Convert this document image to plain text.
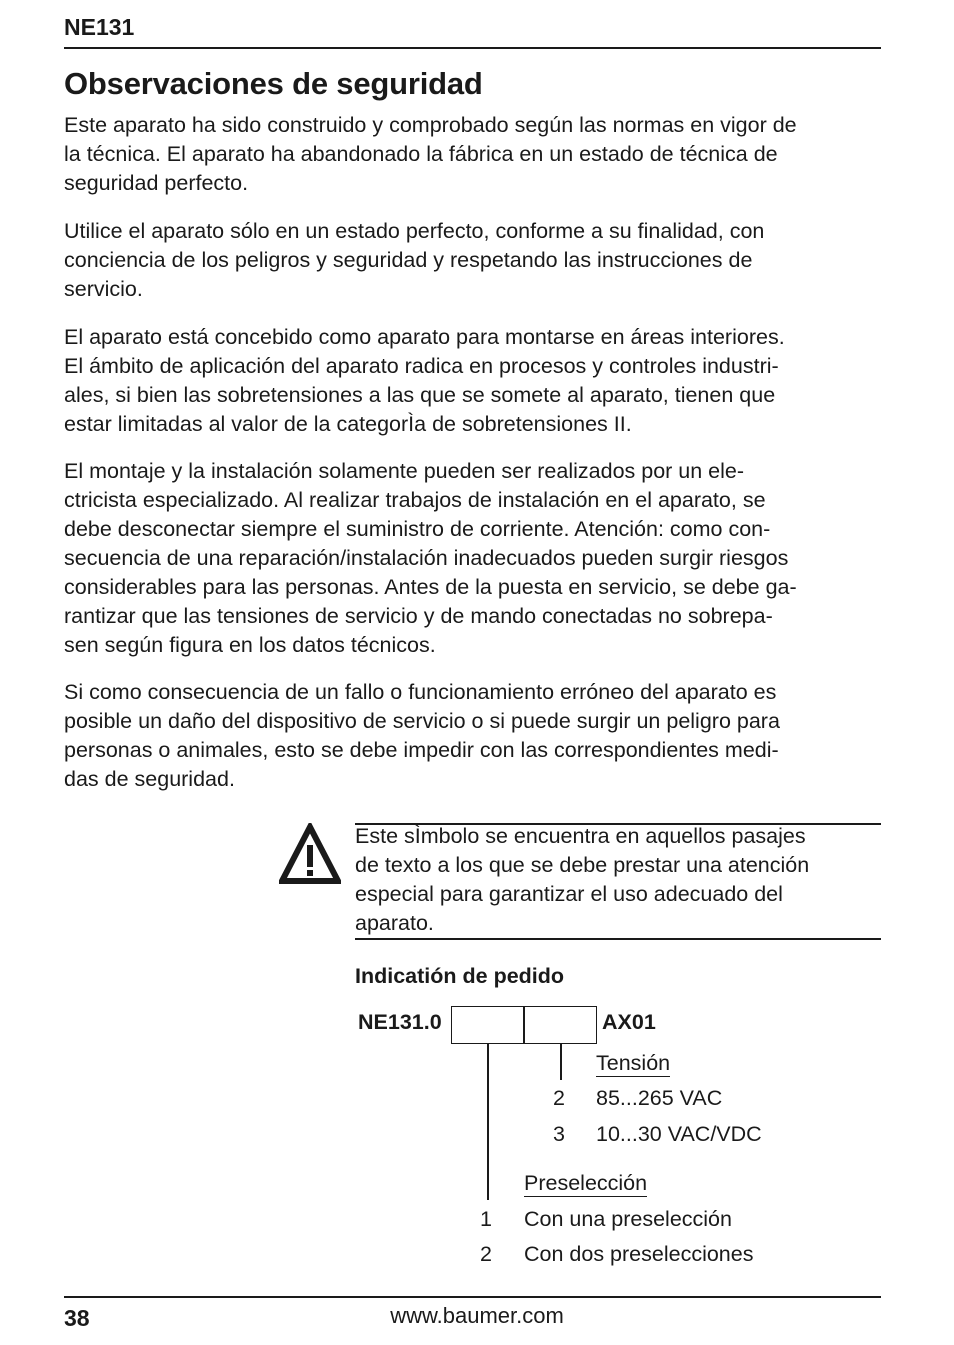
NE131
Observaciones de seguridad
Este aparato ha sido construido y comprobado según las normas en vigor de
la técnica. El aparato ha abandonado la fábrica en un estado de técnica de
seguridad perfecto.
Utilice el aparato sólo en un estado perfecto, conforme a su finalidad, con
conciencia de los peligros y seguridad y respetando las instrucciones de
servicio.
El aparato está concebido como aparato para montarse en áreas interiores.
El ámbito de aplicación del aparato radica en procesos y controles industri-
ales, si bien las sobretensiones a las que se somete al aparato, tienen que
estar limitadas al valor de la categorÌa de sobretensiones II.
El montaje y la instalación solamente pueden ser realizados por un ele-
ctricista especializado. Al realizar trabajos de instalación en el aparato, se
debe desconectar siempre el suministro de corriente. Atención: como con-
secuencia de una reparación/instalación inadecuados pueden surgir riesgos
considerables para las personas. Antes de la puesta en servicio, se debe ga-
rantizar que las tensiones de servicio y de mando conectadas no sobrepa-
sen según figura en los datos técnicos.
Si como consecuencia de un fallo o funcionamiento erróneo del aparato es
posible un daño del dispositivo de servicio o si puede surgir un peligro para
personas o animales, esto se debe impedir con las correspondientes medi-
das de seguridad.
Este sÌmbolo se encuentra en aquellos pasajes
de texto a los que se debe prestar una atención
especial para garantizar el uso adecuado del
aparato.
Indicatión de pedido
NE131.0	AX01
Tensión
2 85...265 VAC
3 10...30 VAC/VDC
Preselección
1 Con una preselección
2 Con dos preselecciones
38	www.baumer.com
